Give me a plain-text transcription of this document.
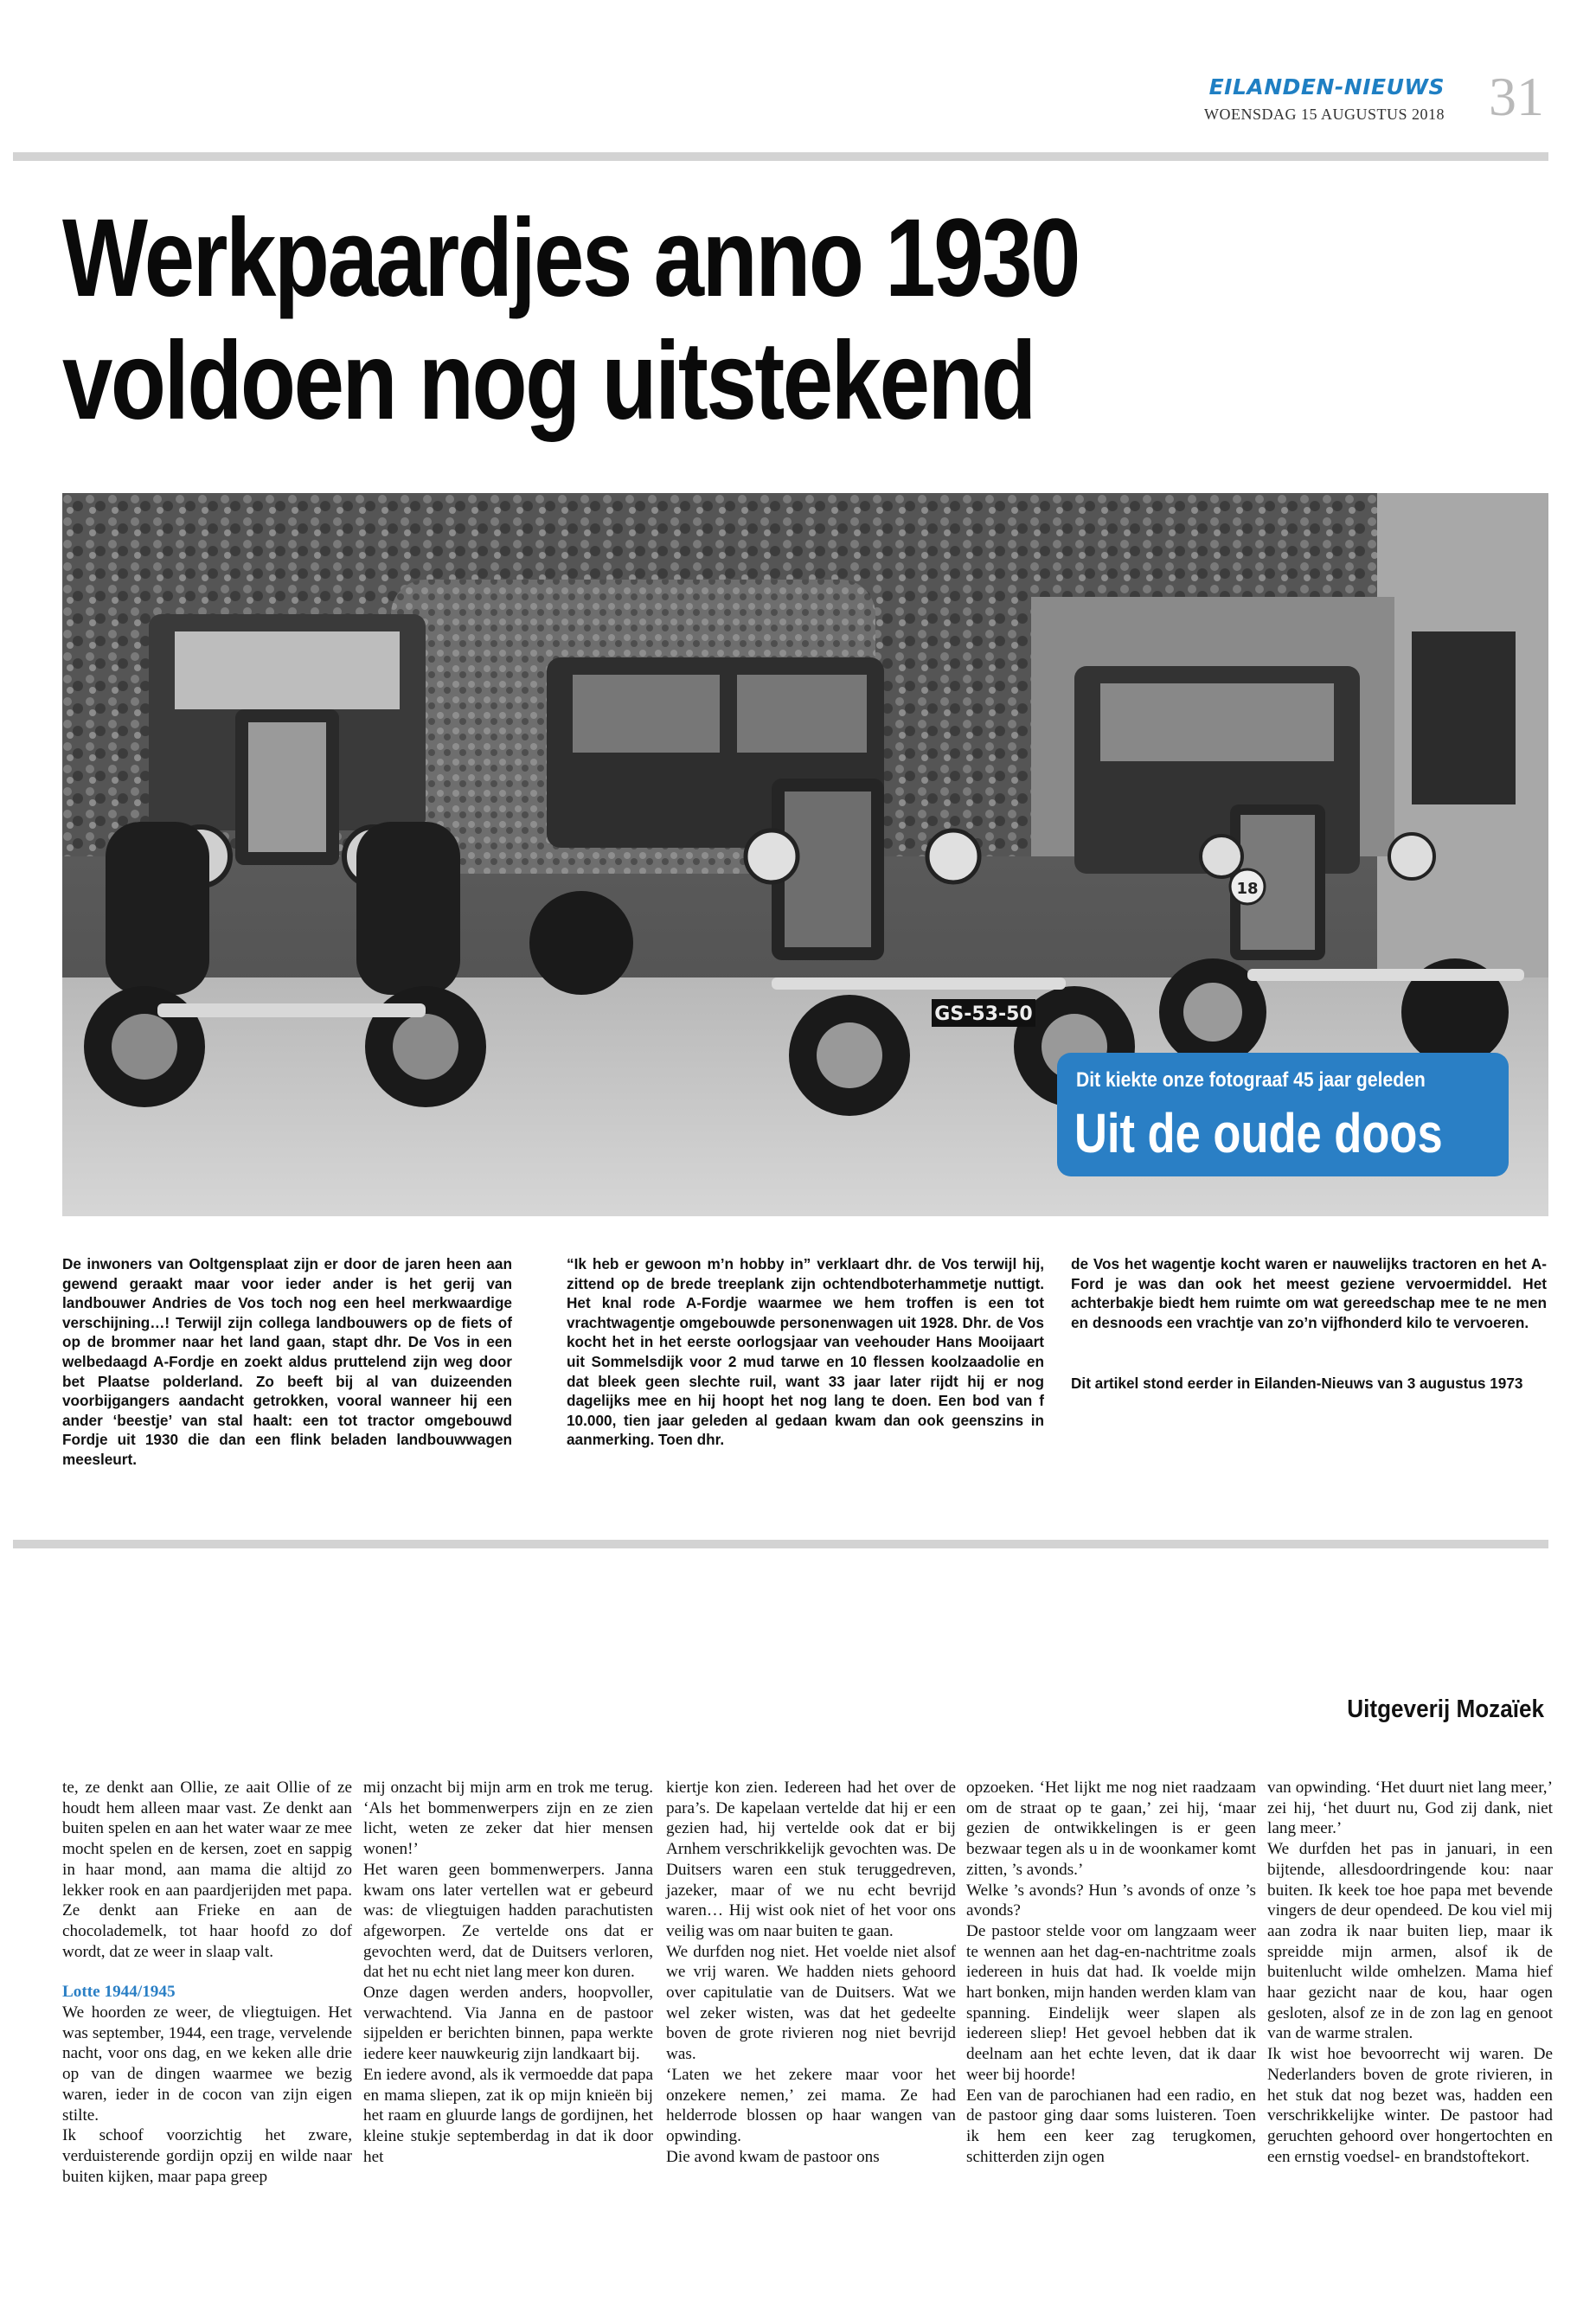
EILANDEN-NIEUWS
WOENSDAG 15 AUGUSTUS 2018 31
Werkpaardjes anno 1930
voldoen nog uitstekend
GS-53-50
18
Dit kiekte onze fotograaf 45 jaar geleden
Uit de oude doos

De inwoners van Ooltgensplaat zijn er door de jaren heen aan gewend geraakt maar voor ieder ander is het gerij van landbouwer Andries de Vos toch nog een heel merkwaardige verschijning…! Terwijl zijn collega landbouwers op de fiets of op de brommer naar het land gaan, stapt dhr. De Vos in een welbedaagd A-Fordje en zoekt aldus pruttelend zijn weg door bet Plaatse polderland. Zo beeft bij al van duizeenden voorbijgangers aandacht getrokken, vooral wanneer hij een ander ‘beestje’ van stal haalt: een tot tractor omgebouwd Fordje uit 1930 die dan een flink beladen landbouwwagen meesleurt.

“Ik heb er gewoon m’n hobby in” verklaart dhr. de Vos terwijl hij, zittend op de brede treeplank zijn ochtendboterhammetje nuttigt. Het knal rode A-Fordje waarmee we hem troffen is een tot vrachtwagentje omgebouwde personenwagen uit 1928. Dhr. de Vos kocht het in het eerste oorlogsjaar van veehouder Hans Mooijaart uit Sommelsdijk voor 2 mud tarwe en 10 flessen koolzaadolie en dat bleek geen slechte ruil, want 33 jaar later rijdt hij er nog dagelijks mee en hij hoopt het nog lang te doen. Een bod van f 10.000, tien jaar geleden al gedaan kwam dan ook geenszins in aanmerking. Toen dhr.

de Vos het wagentje kocht waren er nauwelijks tractoren en het A-Ford je was dan ook het meest geziene vervoermiddel. Het achterbakje biedt hem ruimte om wat gereedschap mee te ne men en desnoods een vrachtje van zo’n vijfhonderd kilo te vervoeren.

Dit artikel stond eerder in Eilanden-Nieuws van 3 augustus 1973

Uitgeverij Mozaïek

te, ze denkt aan Ollie, ze aait Ollie of ze houdt hem alleen maar vast. Ze denkt aan buiten spelen en aan het water waar ze mee mocht spelen en de kersen, zoet en sappig in haar mond, aan mama die altijd zo lekker rook en aan paardjerijden met papa. Ze denkt aan Frieke en aan de chocolademelk, tot haar hoofd zo dof wordt, dat ze weer in slaap valt.

Lotte 1944/1945

We hoorden ze weer, de vliegtuigen. Het was september, 1944, een trage, vervelende nacht, voor ons dag, en we keken alle drie op van de dingen waarmee we bezig waren, ieder in de cocon van zijn eigen stilte.

Ik schoof voorzichtig het zware, verduisterende gordijn opzij en wilde naar buiten kijken, maar papa greep

mij onzacht bij mijn arm en trok me terug. ‘Als het bommenwerpers zijn en ze zien licht, weten ze zeker dat hier mensen wonen!’

Het waren geen bommenwerpers. Janna kwam ons later vertellen wat er gebeurd was: de vliegtuigen hadden parachutisten afgeworpen. Ze vertelde ons dat er gevochten werd, dat de Duitsers verloren, dat het nu echt niet lang meer kon duren.

Onze dagen werden anders, hoopvoller, verwachtend. Via Janna en de pastoor sijpelden er berichten binnen, papa werkte iedere keer nauwkeurig zijn landkaart bij.

En iedere avond, als ik vermoedde dat papa en mama sliepen, zat ik op mijn knieën bij het raam en gluurde langs de gordijnen, het kleine stukje septemberdag in dat ik door het

kiertje kon zien. Iedereen had het over de para’s. De kapelaan vertelde dat hij er een gezien had, hij vertelde ook dat er bij Arnhem verschrikkelijk gevochten was. De Duitsers waren een stuk teruggedreven, jazeker, maar of we nu echt bevrijd waren… Hij wist ook niet of het voor ons veilig was om naar buiten te gaan.

We durfden nog niet. Het voelde niet alsof we vrij waren. We hadden niets gehoord over capitulatie van de Duitsers. Wat we wel zeker wisten, was dat het gedeelte boven de grote rivieren nog niet bevrijd was.

‘Laten we het zekere maar voor het onzekere nemen,’ zei mama. Ze had helderrode blossen op haar wangen van opwinding.

Die avond kwam de pastoor ons

opzoeken. ‘Het lijkt me nog niet raadzaam om de straat op te gaan,’ zei hij, ‘maar gezien de ontwikkelingen is er geen bezwaar tegen als u in de woonkamer komt zitten, ’s avonds.’

Welke ’s avonds? Hun ’s avonds of onze ’s avonds?

De pastoor stelde voor om langzaam weer te wennen aan het dag-en-nachtritme zoals iedereen in huis dat had. Ik voelde mijn hart bonken, mijn handen werden klam van spanning. Eindelijk weer slapen als iedereen sliep! Het gevoel hebben dat ik deelnam aan het echte leven, dat ik daar weer bij hoorde!

Een van de parochianen had een radio, en de pastoor ging daar soms luisteren. Toen ik hem een keer zag terugkomen, schitterden zijn ogen

van opwinding. ‘Het duurt niet lang meer,’ zei hij, ‘het duurt nu, God zij dank, niet lang meer.’

We durfden het pas in januari, in een bijtende, allesdoordringende kou: naar buiten. Ik keek toe hoe papa met bevende vingers de deur opendeed. De kou viel mij aan zodra ik naar buiten liep, maar ik spreidde mijn armen, alsof ik de buitenlucht wilde omhelzen. Mama hief haar gezicht naar de kou, haar ogen gesloten, alsof ze in de zon lag en genoot van de warme stralen.

Ik wist hoe bevoorrecht wij waren. De Nederlanders boven de grote rivieren, in het stuk dat nog bezet was, hadden een verschrikkelijke winter. De pastoor had geruchten gehoord over hongertochten en een ernstig voedsel- en brandstoftekort.
